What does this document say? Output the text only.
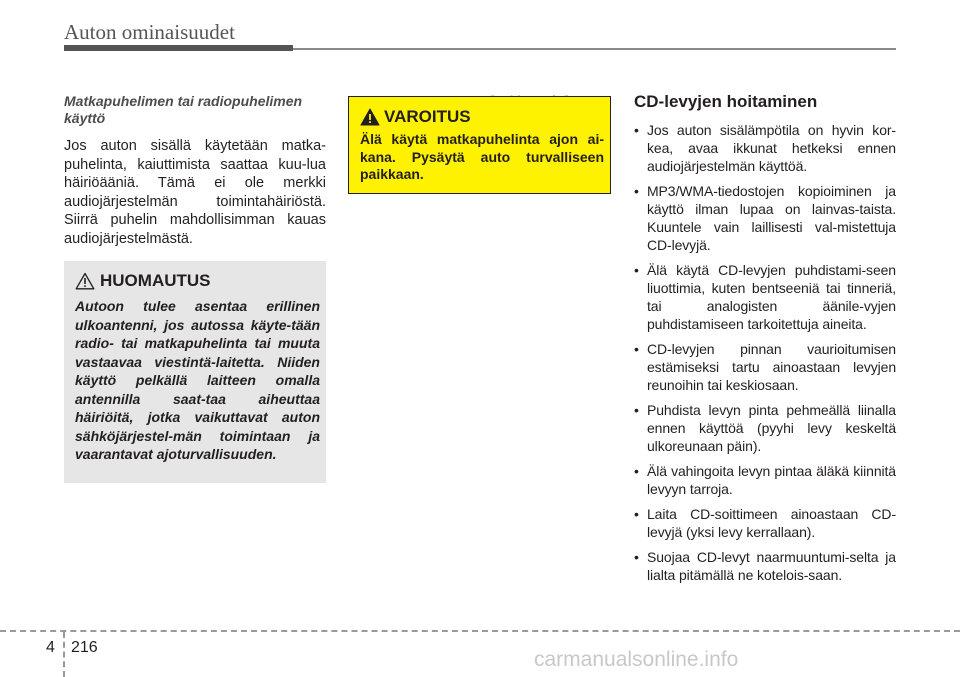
Auton ominaisuudet
Matkapuhelimen tai radiopuhelimen käyttö

Jos auton sisällä käytetään matka-puhelinta, kaiuttimista saattaa kuu-lua häiriöääniä. Tämä ei ole merkki audiojärjestelmän toimintahäiriöstä. Siirrä puhelin mahdollisimman kauas audiojärjestelmästä.

HUOMAUTUS

Autoon tulee asentaa erillinen ulkoantenni, jos autossa käyte-tään radio- tai matkapuhelinta tai muuta vastaavaa viestintä-laitetta. Niiden käyttö pelkällä laitteen omalla antennilla saat-taa aiheuttaa häiriöitä, jotka vaikuttavat auton sähköjärjestel-män toimintaan ja vaarantavat ajoturvallisuuden.

VAROITUS

Älä käytä matkapuhelinta ajon ai-kana. Pysäytä auto turvalliseen paikkaan.

CD-levyjen hoitaminen
• Jos auton sisälämpötila on hyvin kor-kea, avaa ikkunat hetkeksi ennen audiojärjestelmän käyttöä.
• MP3/WMA-tiedostojen kopioiminen ja käyttö ilman lupaa on lainvas-taista. Kuuntele vain laillisesti val-mistettuja CD-levyjä.
• Älä käytä CD-levyjen puhdistami-seen liuottimia, kuten bentseeniä tai tinneriä, tai analogisten äänile-vyjen puhdistamiseen tarkoitettuja aineita.
• CD-levyjen pinnan vaurioitumisen estämiseksi tartu ainoastaan levyjen reunoihin tai keskiosaan.
• Puhdista levyn pinta pehmeällä liinalla ennen käyttöä (pyyhi levy keskeltä ulkoreunaan päin).
• Älä vahingoita levyn pintaa äläkä kiinnitä levyyn tarroja.
• Laita CD-soittimeen ainoastaan CD-levyjä (yksi levy kerrallaan).
• Suojaa CD-levyt naarmuuntumi-selta ja lialta pitämällä ne kotelois-saan.
4 216
carmanualsonline.info
